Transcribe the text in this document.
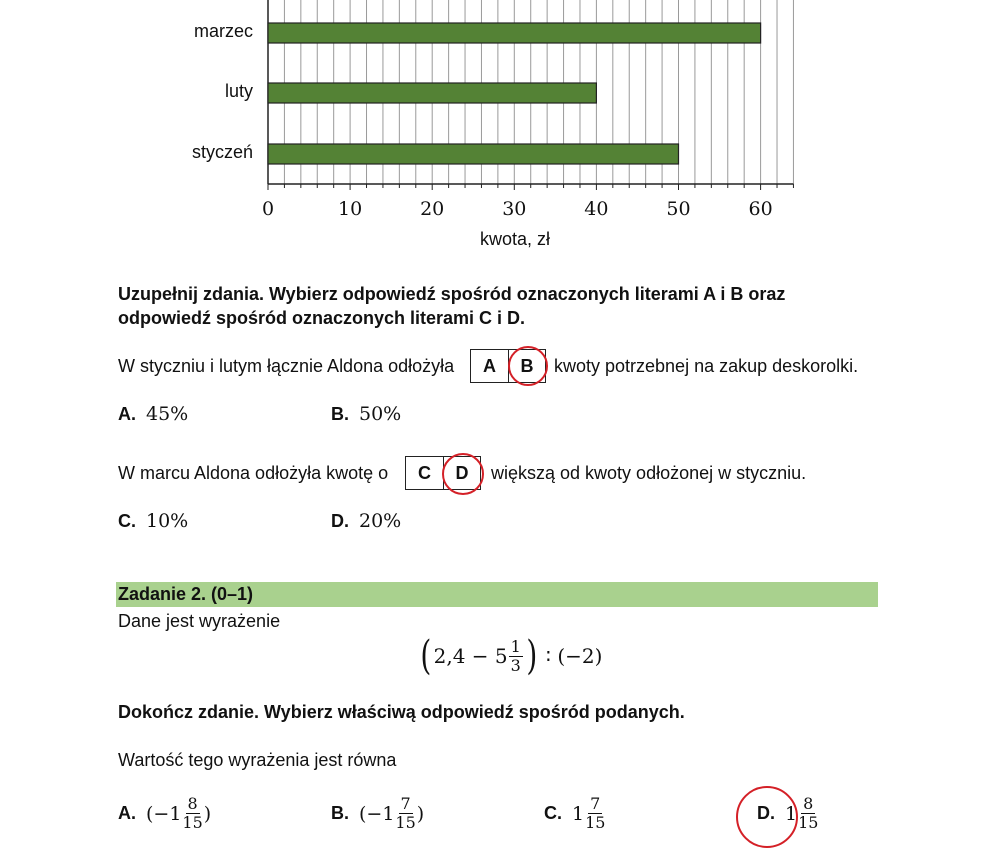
styczeń
luty
marzec
0	10	20	30	40	50	60
kwota, zł
Uzupełnij zdania. Wybierz odpowiedź spośród oznaczonych literami A i B oraz
odpowiedź spośród oznaczonych literami C i D.
W styczniu i lutym łącznie Aldona odłożyła	A	B	kwoty potrzebnej na zakup deskorolki.
A. 45%	B. 50%
W marcu Aldona odłożyła kwotę o	C	D	większą od kwoty odłożonej w styczniu.
C. 10%	D. 20%
Zadanie 2. (0–1)
Dane jest wyrażenie
( $2,4 - 5 \frac{1}{3}$ ) ∶ (−2)
Dokończ zdanie. Wybierz właściwą odpowiedź spośród podanych.
Wartość tego wyrażenia jest równa
A. ($-1 \frac{8}{15}$ )	B. ($-1 \frac{7}{15}$ )	C. $1 \frac{7}{15}$	D. $1 \frac{8}{15}$
